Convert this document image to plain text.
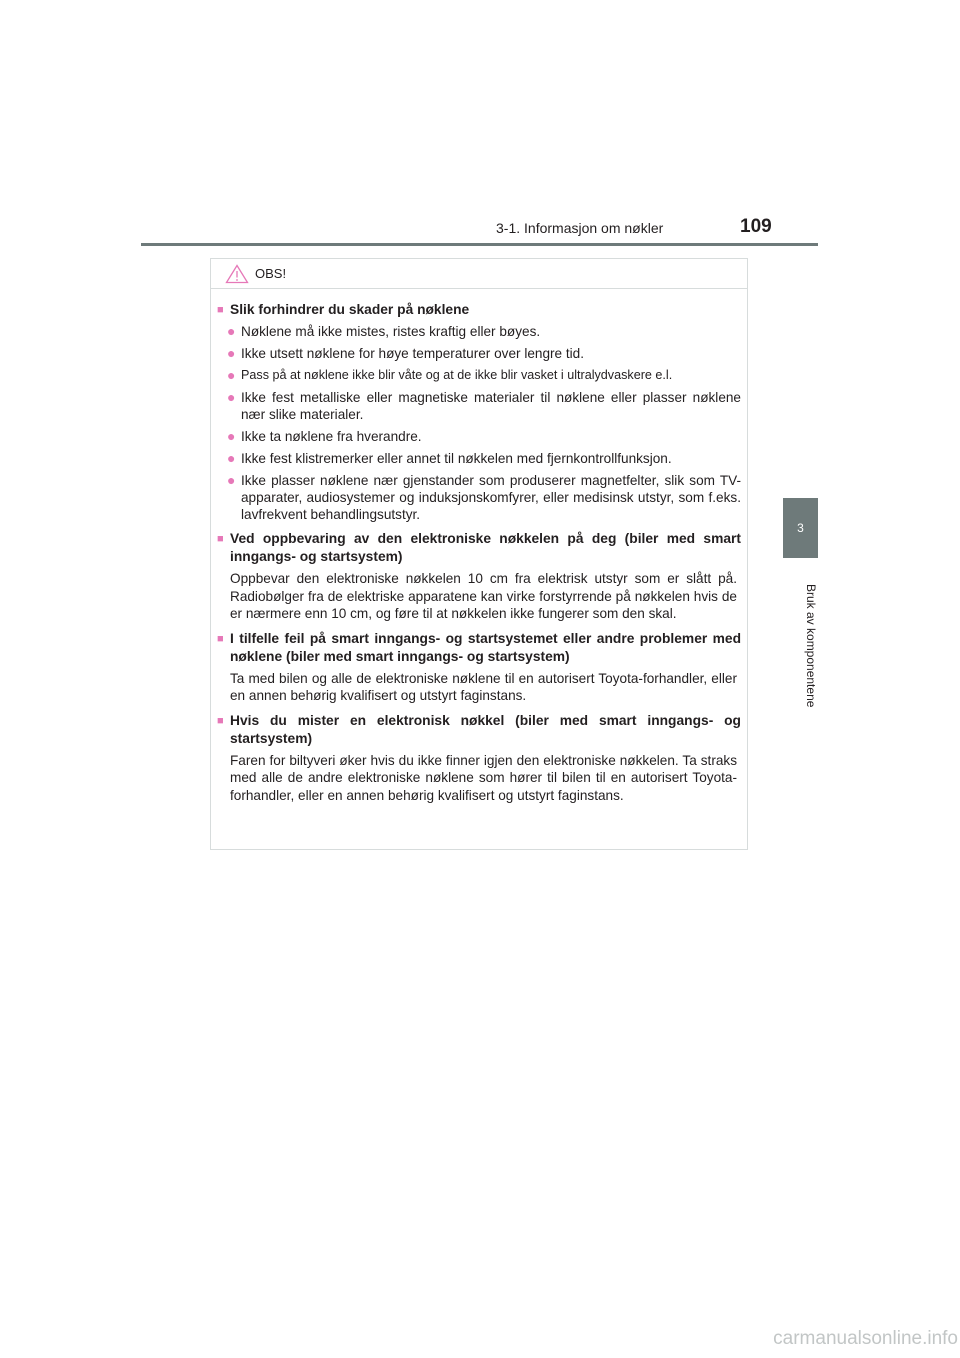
3-1. Informasjon om nøkler	109
3
Bruk av komponentene
OBS!
■ Slik forhindrer du skader på nøklene
● Nøklene må ikke mistes, ristes kraftig eller bøyes.
● Ikke utsett nøklene for høye temperaturer over lengre tid.
● Pass på at nøklene ikke blir våte og at de ikke blir vasket i ultralydvaskere e.l.
● Ikke fest metalliske eller magnetiske materialer til nøklene eller plasser nøklene nær slike materialer.
● Ikke ta nøklene fra hverandre.
● Ikke fest klistremerker eller annet til nøkkelen med fjernkontrollfunksjon.
● Ikke plasser nøklene nær gjenstander som produserer magnetfelter, slik som TV-apparater, audiosystemer og induksjonskomfyrer, eller medisinsk utstyr, som f.eks. lavfrekvent behandlingsutstyr.
■ Ved oppbevaring av den elektroniske nøkkelen på deg (biler med smart inngangs- og startsystem)
Oppbevar den elektroniske nøkkelen 10 cm fra elektrisk utstyr som er slått på. Radiobølger fra de elektriske apparatene kan virke forstyrrende på nøkkelen hvis de er nærmere enn 10 cm, og føre til at nøkkelen ikke fungerer som den skal.
■ I tilfelle feil på smart inngangs- og startsystemet eller andre problemer med nøklene (biler med smart inngangs- og startsystem)
Ta med bilen og alle de elektroniske nøklene til en autorisert Toyota-forhandler, eller en annen behørig kvalifisert og utstyrt faginstans.
■ Hvis du mister en elektronisk nøkkel (biler med smart inngangs- og startsystem)
Faren for biltyveri øker hvis du ikke finner igjen den elektroniske nøkkelen. Ta straks med alle de andre elektroniske nøklene som hører til bilen til en autorisert Toyota-forhandler, eller en annen behørig kvalifisert og utstyrt faginstans.
carmanualsonline.info
